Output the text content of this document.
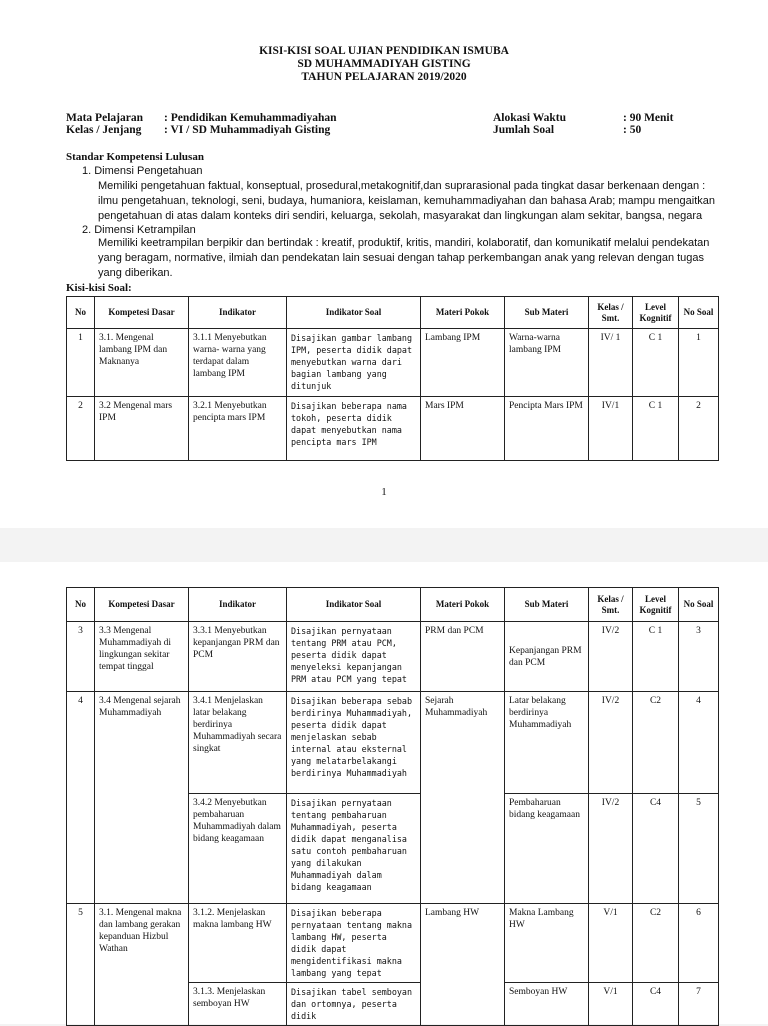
KISI-KISI SOAL UJIAN PENDIDIKAN ISMUBA
SD MUHAMMADIYAH GISTING
TAHUN PELAJARAN 2019/2020
Mata Pelajaran : Pendidikan Kemuhammadiyahan
Kelas / Jenjang : VI / SD Muhammadiyah Gisting
Alokasi Waktu	: 90 Menit
Jumlah Soal	: 50
Standar Kompetensi Lulusan
1. Dimensi Pengetahuan
Memiliki pengetahuan faktual, konseptual, prosedural,metakognitif,dan suprarasional pada tingkat dasar berkenaan dengan : ilmu pengetahuan, teknologi, seni, budaya, humaniora, keislaman, kemuhammadiyahan dan bahasa Arab; mampu mengaitkan pengetahuan di atas dalam konteks diri sendiri, keluarga, sekolah, masyarakat dan lingkungan alam sekitar, bangsa, negara
2. Dimensi Ketrampilan
Memiliki keetrampilan berpikir dan bertindak : kreatif, produktif, kritis, mandiri, kolaboratif, dan komunikatif melalui pendekatan yang beragam, normative, ilmiah dan pendekatan lain sesuai dengan tahap perkembangan anak yang relevan dengan tugas yang diberikan.
Kisi-kisi Soal:
No	Kompetesi Dasar	Indikator	Indikator Soal	Materi Pokok	Sub Materi	Kelas / Smt.	Level Kognitif	No Soal
1	3.1. Mengenal lambang IPM dan Maknanya	3.1.1 Menyebutkan warna- warna yang terdapat dalam lambang IPM	Disajikan gambar lambang IPM, peserta didik dapat menyebutkan warna dari bagian lambang yang ditunjuk	Lambang IPM	Warna-warna lambang IPM	IV/ 1	C 1	1
2	3.2 Mengenal mars IPM	3.2.1 Menyebutkan pencipta mars IPM	Disajikan beberapa nama tokoh, peserta didik dapat menyebutkan nama pencipta mars IPM	Mars IPM	Pencipta Mars IPM	IV/1	C 1	2
1
No	Kompetesi Dasar	Indikator	Indikator Soal	Materi Pokok	Sub Materi	Kelas / Smt.	Level Kognitif	No Soal
3	3.3 Mengenal Muhammadiyah di lingkungan sekitar tempat tinggal	3.3.1 Menyebutkan kepanjangan PRM dan PCM	Disajikan pernyataan tentang PRM atau PCM, peserta didik dapat menyeleksi kepanjangan PRM atau PCM yang tepat	PRM dan PCM	Kepanjangan PRM dan PCM	IV/2	C 1	3
4	3.4 Mengenal sejarah Muhammadiyah	3.4.1 Menjelaskan latar belakang berdirinya Muhammadiyah secara singkat	Disajikan beberapa sebab berdirinya Muhammadiyah, peserta didik dapat menjelaskan sebab internal atau eksternal yang melatarbelakangi berdirinya Muhammadiyah	Sejarah Muhammadiyah	Latar belakang berdirinya Muhammadiyah	IV/2	C2	4
		3.4.2 Menyebutkan pembaharuan Muhammadiyah dalam bidang keagamaan	Disajikan pernyataan tentang pembaharuan Muhammadiyah, peserta didik dapat menganalisa satu contoh pembaharuan yang dilakukan Muhammadiyah dalam bidang keagamaan		Pembaharuan bidang keagamaan	IV/2	C4	5
5	3.1. Mengenal makna dan lambang gerakan kepanduan Hizbul Wathan	3.1.2. Menjelaskan makna lambang HW	Disajikan beberapa pernyataan tentang makna lambang HW, peserta didik dapat mengidentifikasi makna lambang yang tepat	Lambang HW	Makna Lambang HW	V/1	C2	6
		3.1.3. Menjelaskan semboyan HW	Disajikan tabel semboyan dan ortomnya, peserta didik		Semboyan HW	V/1	C4	7
